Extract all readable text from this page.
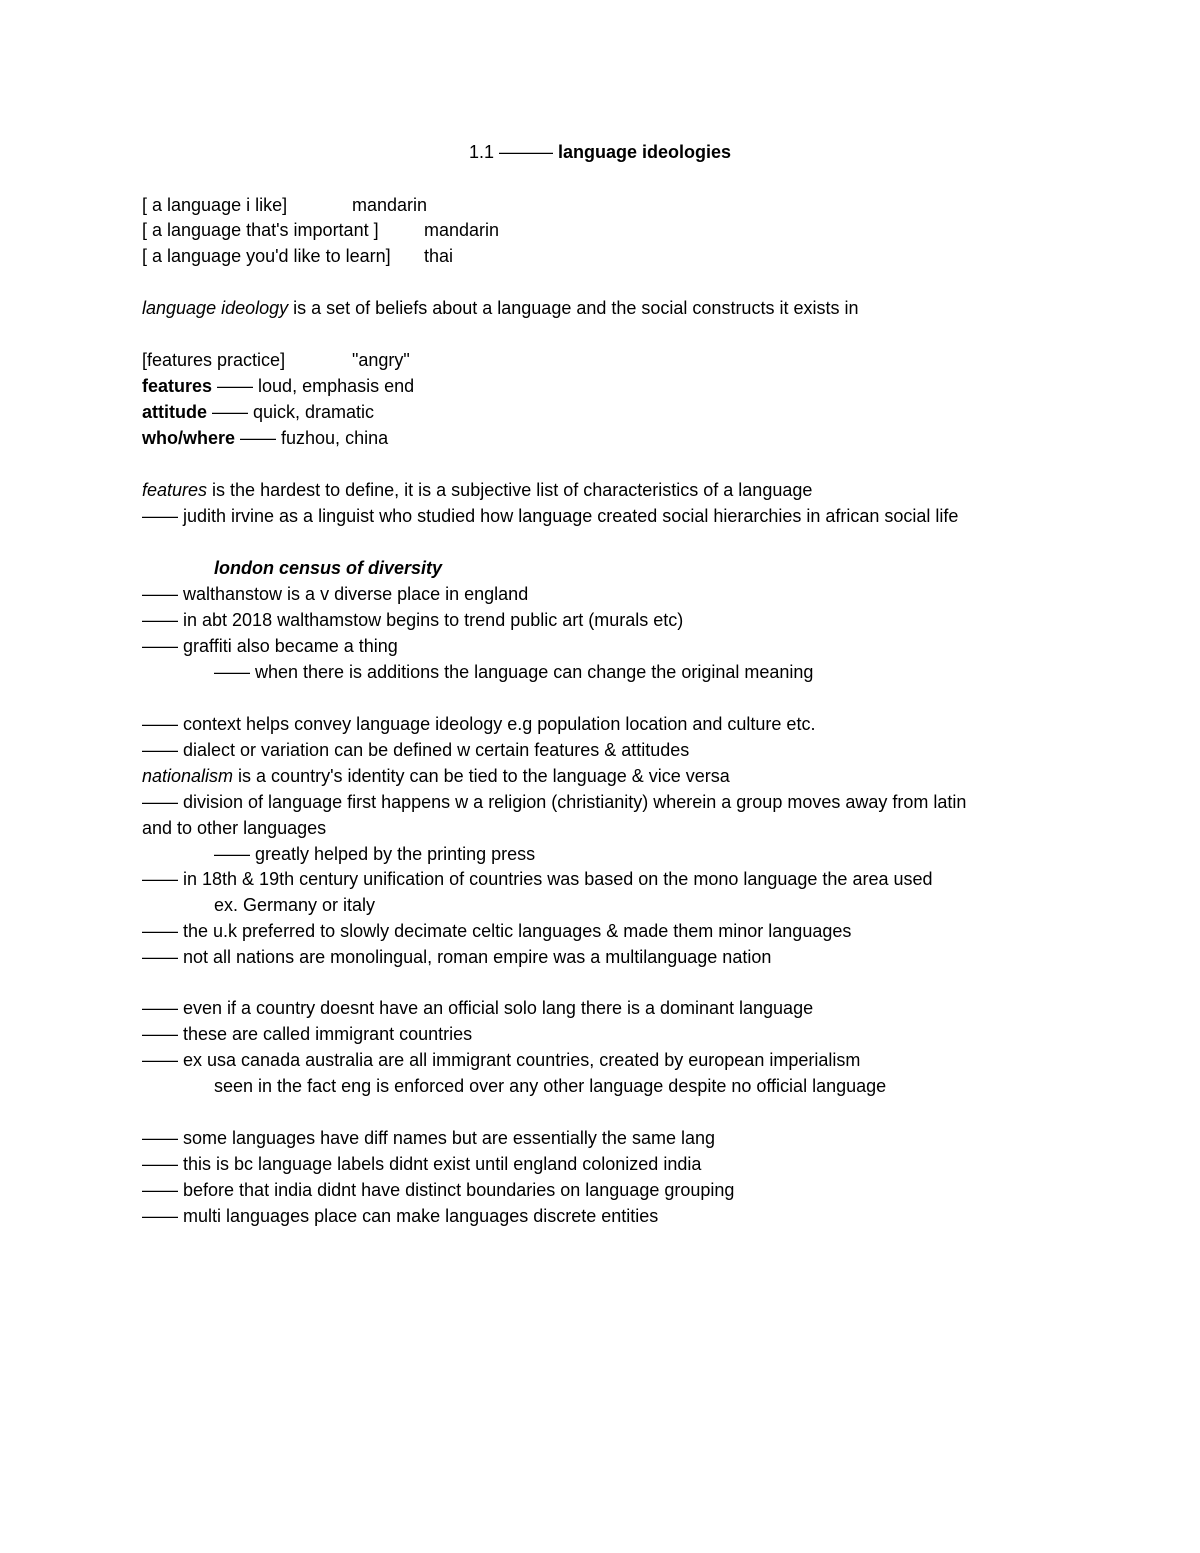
1.1 ——— language ideologies
[ a language i like]	mandarin
[ a language that's important ]	mandarin
[ a language you'd like to learn] thai
language ideology is a set of beliefs about a language and the social constructs it exists in
[features practice]	"angry"
features —— loud, emphasis end
attitude —— quick, dramatic
who/where —— fuzhou, china
features is the hardest to define, it is a subjective list of characteristics of a language
—— judith irvine as a linguist who studied how language created social hierarchies in african social life
london census of diversity
—— walthanstow is a v diverse place in england
—— in abt 2018 walthamstow begins to trend public art (murals etc)
—— graffiti also became a thing
—— when there is additions the language can change the original meaning
—— context helps convey language ideology e.g population location and culture etc.
—— dialect or variation can be defined w certain features & attitudes
nationalism is a country's identity can be tied to the language & vice versa
—— division of language first happens w a religion (christianity) wherein a group moves away from latin
and to other languages
—— greatly helped by the printing press
—— in 18th & 19th century unification of countries was based on the mono language the area used
ex. Germany or italy
—— the u.k preferred to slowly decimate celtic languages & made them minor languages
—— not all nations are monolingual, roman empire was a multilanguage nation
—— even if a country doesnt have an official solo lang there is a dominant language
—— these are called immigrant countries
—— ex usa canada australia are all immigrant countries, created by european imperialism
seen in the fact eng is enforced over any other language despite no official language
—— some languages have diff names but are essentially the same lang
—— this is bc language labels didnt exist until england colonized india
—— before that india didnt have distinct boundaries on language grouping
—— multi languages place can make languages discrete entities
